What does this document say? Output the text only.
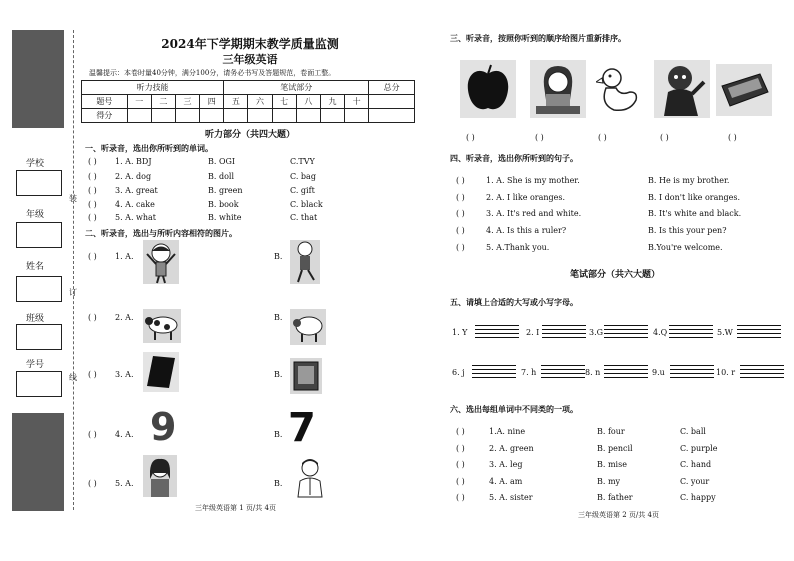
学校
年级
姓名
班级
学号
装
订
线
2024年下学期期末教学质量监测
三年级英语
温馨提示：本卷时量40分钟，满分100分，请务必书写及答题规范，卷面工整。
听力技能					笔试部分						总分
题号	一	二	三	四	五	六	七	八	九	十	
得分											
听力部分（共四大题）
一、听录音，选出你所听到的单词。
( ) 1. A. BDJ	B. OGI	C.TVY
( ) 2. A. dog	B. doll	C. bag
( ) 3. A. great	B. green	C. gift
( ) 4. A. cake	B. book	C. black
( ) 5. A. what	B. white	C. that
二、听录音，选出与所听内容相符的图片。
( ) 1. A.	B.
( ) 2. A.	B.
( ) 3. A.	B.
( ) 4. A. 9	B. 7
( ) 5. A.	B.
三年级英语第 1 页/共 4页
三、听录音，按照你听到的顺序给图片重新排序。
( )	( )	( )	( )	( )
四、听录音，选出你所听到的句子。
( )	1. A. She is my mother.	B. He is my brother.
( )	2. A. I like oranges.	B. I don't like oranges.
( )	3. A. It's red and white.	B. It's white and black.
( )	4. A. Is this a ruler?	B. Is this your pen?
( )	5. A.Thank you.	B.You're welcome.
笔试部分（共六大题）
五、请填上合适的大写或小写字母。
1. Y	2. I	3.G	4.Q	5.W
6. j	7. h	8. n	9.u	10. r
六、选出每组单词中不同类的一项。
( )	1.A. nine	B. four	C. ball
( )	2. A. green	B. pencil	C. purple
( )	3. A. leg	B. mise	C. hand
( )	4. A. am	B. my	C. your
( )	5. A. sister	B. father	C. happy
三年级英语第 2 页/共 4页
